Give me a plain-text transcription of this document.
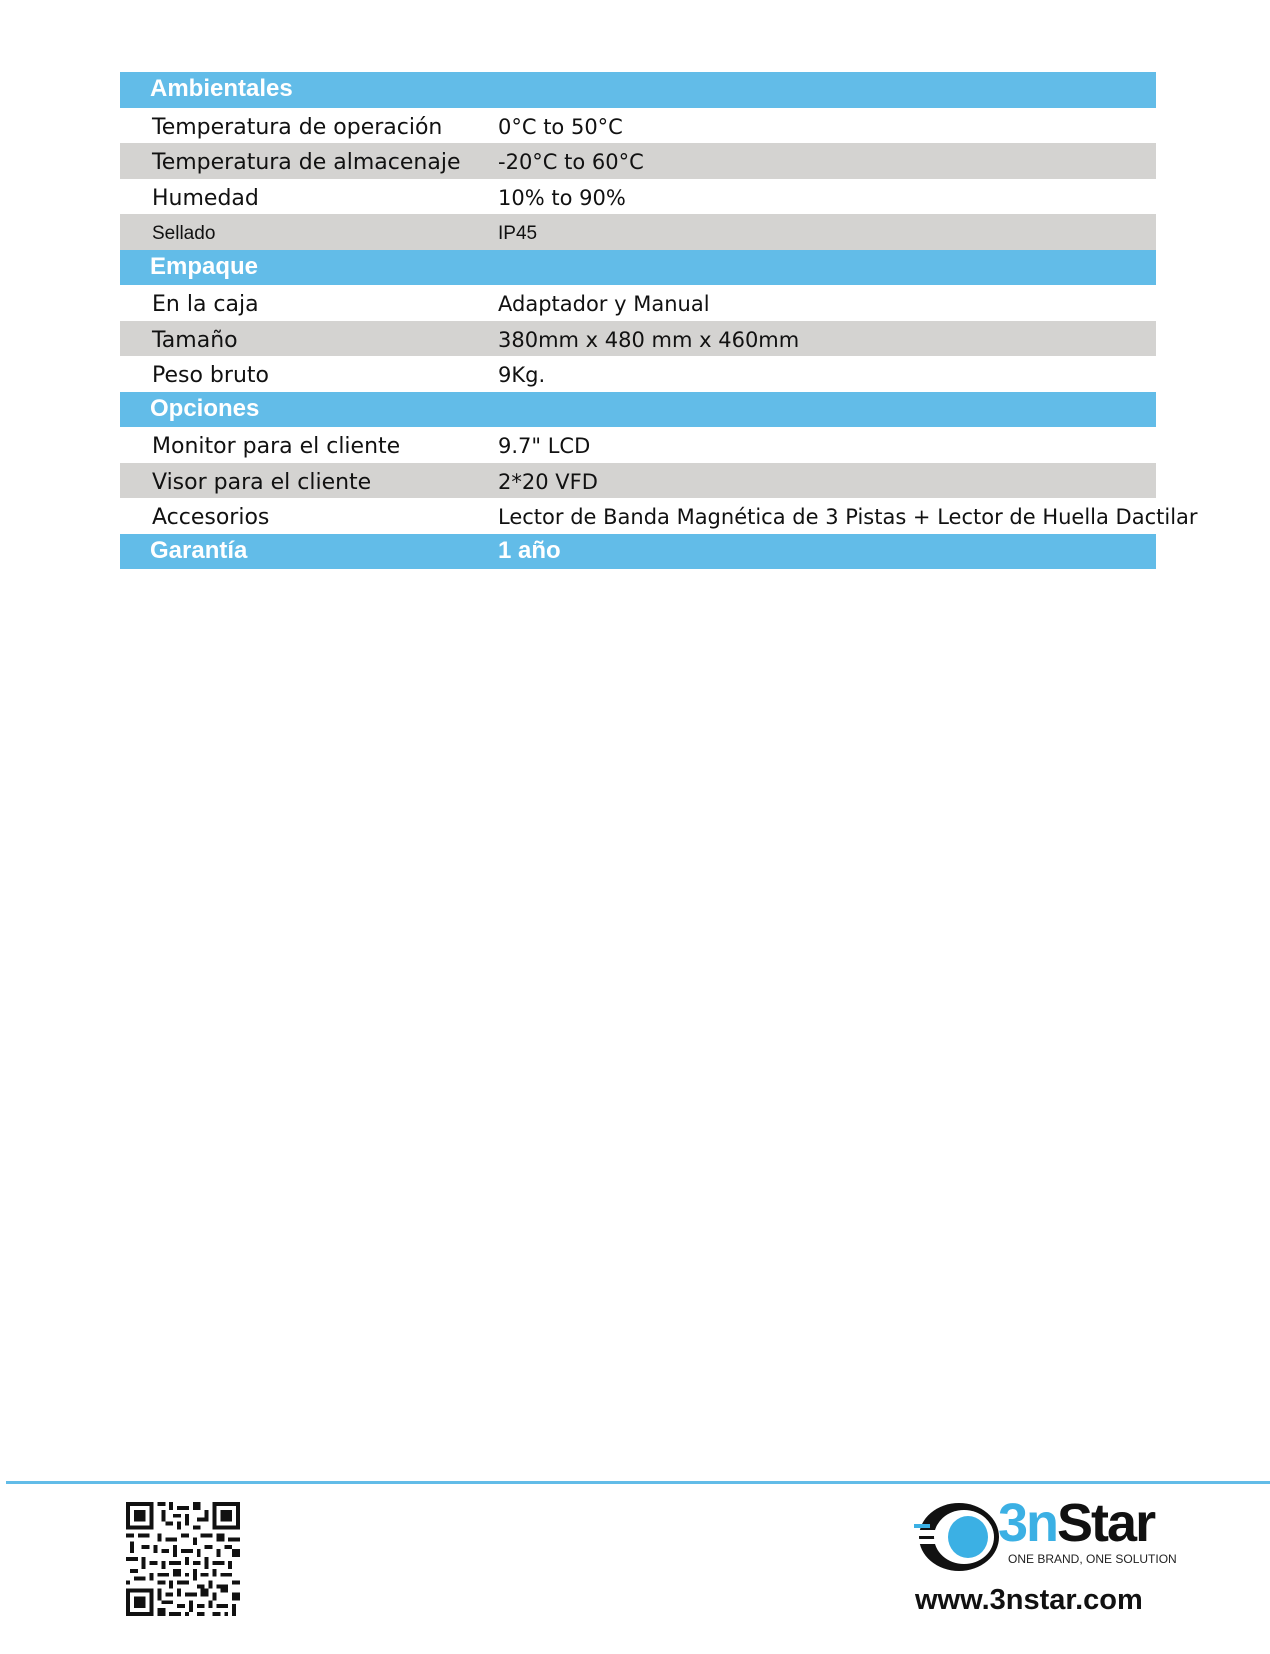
Ambientales
Temperatura de operación	0°C to 50°C
Temperatura de almacenaje -20°C to 60°C
Humedad	10% to 90%
Sellado	IP45
Empaque
En la caja	Adaptador y Manual
Tamaño	380mm x 480 mm x 460mm
Peso bruto	9Kg.
Opciones
Monitor para el cliente	9.7" LCD
Visor para el cliente	2*20 VFD
Accesorios	Lector de Banda Magnética de 3 Pistas + Lector de Huella Dactilar
Garantía	1 año
3nStar
ONE BRAND, ONE SOLUTION
www.3nstar.com
